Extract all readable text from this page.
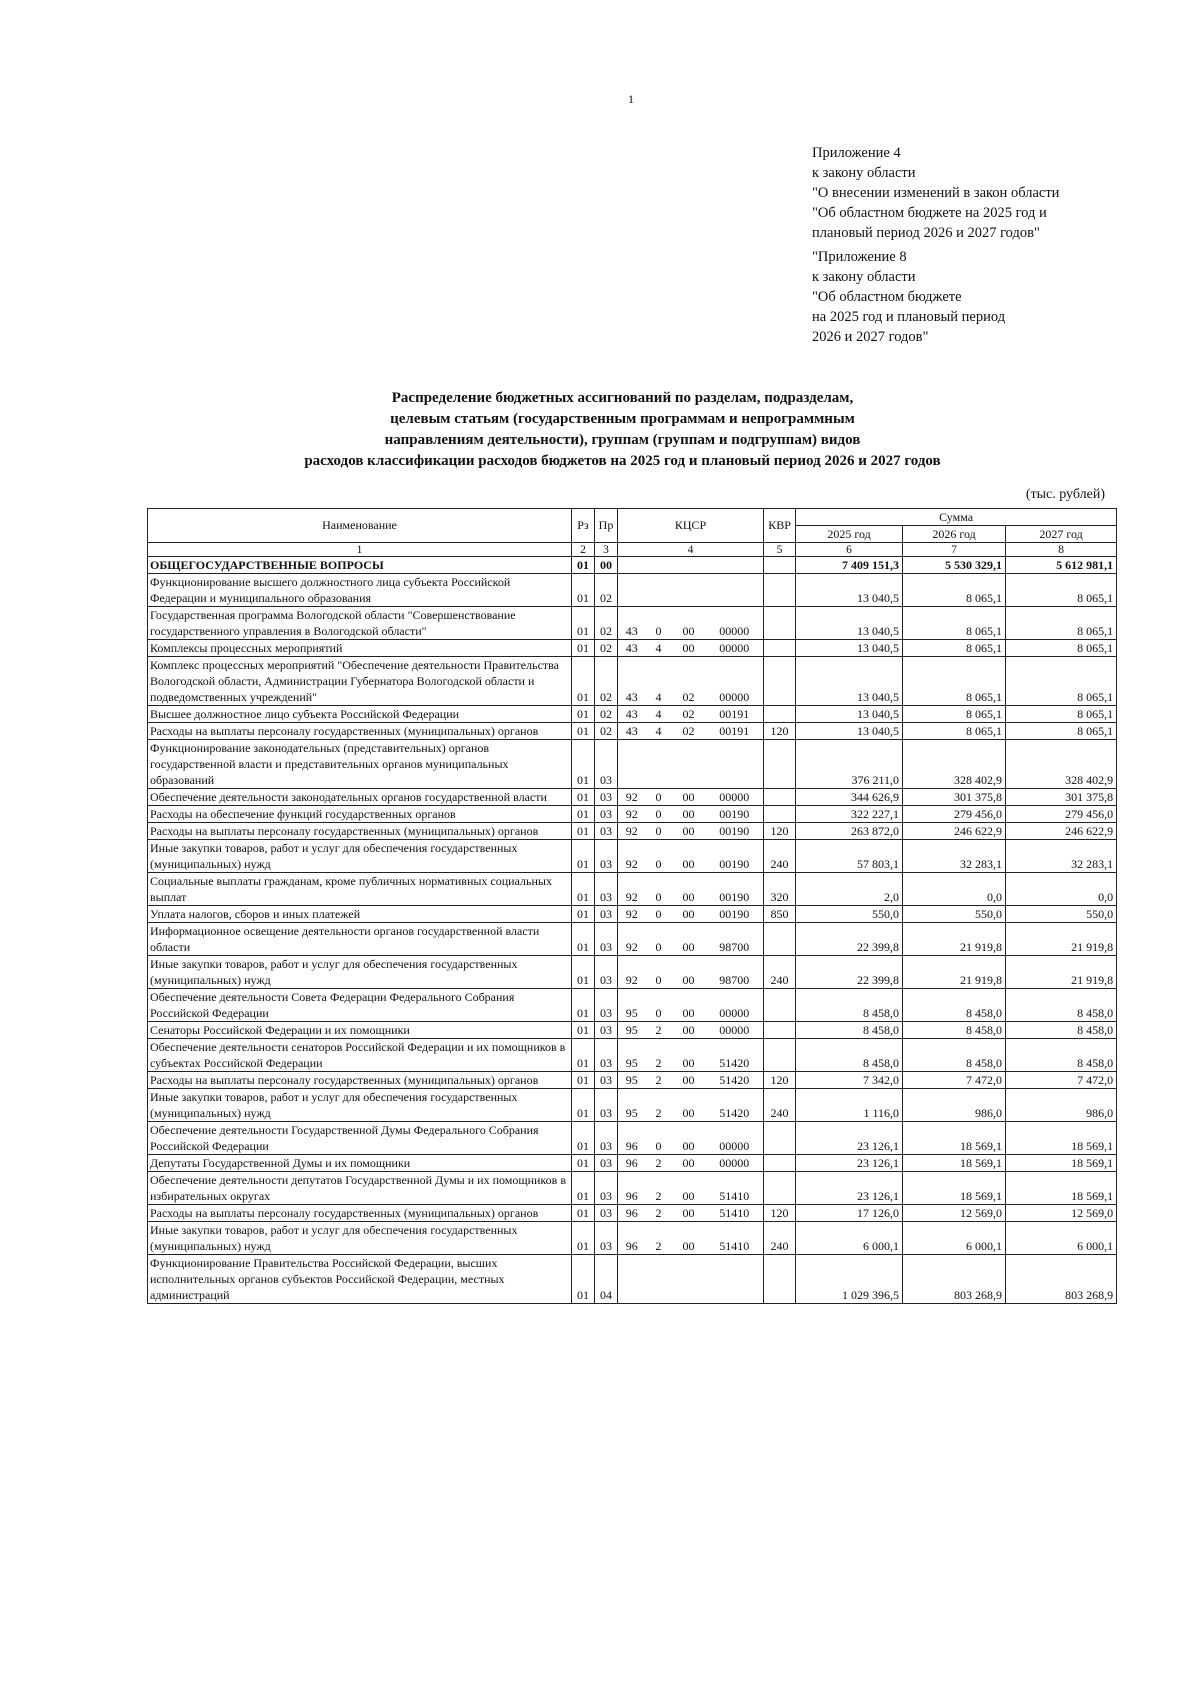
1
Приложение 4
к закону области
"О внесении изменений в закон области
"Об областном бюджете на 2025 год и
плановый период 2026 и 2027 годов"
"Приложение 8
к закону области
"Об областном бюджете
на 2025 год и плановый период
2026 и 2027 годов"
Распределение бюджетных ассигнований по разделам, подразделам,
целевым статьям (государственным программам и непрограммным
направлениям деятельности), группам (группам и подгруппам) видов
расходов классификации расходов бюджетов на 2025 год и плановый период 2026 и 2027 годов
(тыс. рублей)
Наименование	Рз	Пр	КЦСР				КВР	Сумма		
								2025 год	2026 год	2027 год
1	2	3	4				5	6	7	8
ОБЩЕГОСУДАРСТВЕННЫЕ ВОПРОСЫ	01	00						7 409 151,3	5 530 329,1	5 612 981,1
Функционирование высшего должностного лица субъекта Российской Федерации и муниципального образования	01	02						13 040,5	8 065,1	8 065,1
Государственная программа Вологодской области "Совершенствование государственного управления в Вологодской области"	01	02	43	0	00	00000		13 040,5	8 065,1	8 065,1
Комплексы процессных мероприятий	01	02	43	4	00	00000		13 040,5	8 065,1	8 065,1
Комплекс процессных мероприятий "Обеспечение деятельности Правительства Вологодской области, Администрации Губернатора Вологодской области и подведомственных учреждений"	01	02	43	4	02	00000		13 040,5	8 065,1	8 065,1
Высшее должностное лицо субъекта Российской Федерации	01	02	43	4	02	00191		13 040,5	8 065,1	8 065,1
Расходы на выплаты персоналу государственных (муниципальных) органов	01	02	43	4	02	00191	120	13 040,5	8 065,1	8 065,1
Функционирование законодательных (представительных) органов государственной власти и представительных органов муниципальных образований	01	03						376 211,0	328 402,9	328 402,9
Обеспечение деятельности законодательных органов государственной власти	01	03	92	0	00	00000		344 626,9	301 375,8	301 375,8
Расходы на обеспечение функций государственных органов	01	03	92	0	00	00190		322 227,1	279 456,0	279 456,0
Расходы на выплаты персоналу государственных (муниципальных) органов	01	03	92	0	00	00190	120	263 872,0	246 622,9	246 622,9
Иные закупки товаров, работ и услуг для обеспечения государственных (муниципальных) нужд	01	03	92	0	00	00190	240	57 803,1	32 283,1	32 283,1
Социальные выплаты гражданам, кроме публичных нормативных социальных выплат	01	03	92	0	00	00190	320	2,0	0,0	0,0
Уплата налогов, сборов и иных платежей	01	03	92	0	00	00190	850	550,0	550,0	550,0
Информационное освещение деятельности органов государственной власти области	01	03	92	0	00	98700		22 399,8	21 919,8	21 919,8
Иные закупки товаров, работ и услуг для обеспечения государственных (муниципальных) нужд	01	03	92	0	00	98700	240	22 399,8	21 919,8	21 919,8
Обеспечение деятельности Совета Федерации Федерального Собрания Российской Федерации	01	03	95	0	00	00000		8 458,0	8 458,0	8 458,0
Сенаторы Российской Федерации и их помощники	01	03	95	2	00	00000		8 458,0	8 458,0	8 458,0
Обеспечение деятельности сенаторов Российской Федерации и их помощников в субъектах Российской Федерации	01	03	95	2	00	51420		8 458,0	8 458,0	8 458,0
Расходы на выплаты персоналу государственных (муниципальных) органов	01	03	95	2	00	51420	120	7 342,0	7 472,0	7 472,0
Иные закупки товаров, работ и услуг для обеспечения государственных (муниципальных) нужд	01	03	95	2	00	51420	240	1 116,0	986,0	986,0
Обеспечение деятельности Государственной Думы Федерального Собрания Российской Федерации	01	03	96	0	00	00000		23 126,1	18 569,1	18 569,1
Депутаты Государственной Думы и их помощники	01	03	96	2	00	00000		23 126,1	18 569,1	18 569,1
Обеспечение деятельности депутатов Государственной Думы и их помощников в избирательных округах	01	03	96	2	00	51410		23 126,1	18 569,1	18 569,1
Расходы на выплаты персоналу государственных (муниципальных) органов	01	03	96	2	00	51410	120	17 126,0	12 569,0	12 569,0
Иные закупки товаров, работ и услуг для обеспечения государственных (муниципальных) нужд	01	03	96	2	00	51410	240	6 000,1	6 000,1	6 000,1
Функционирование Правительства Российской Федерации, высших исполнительных органов субъектов Российской Федерации, местных администраций	01	04						1 029 396,5	803 268,9	803 268,9
